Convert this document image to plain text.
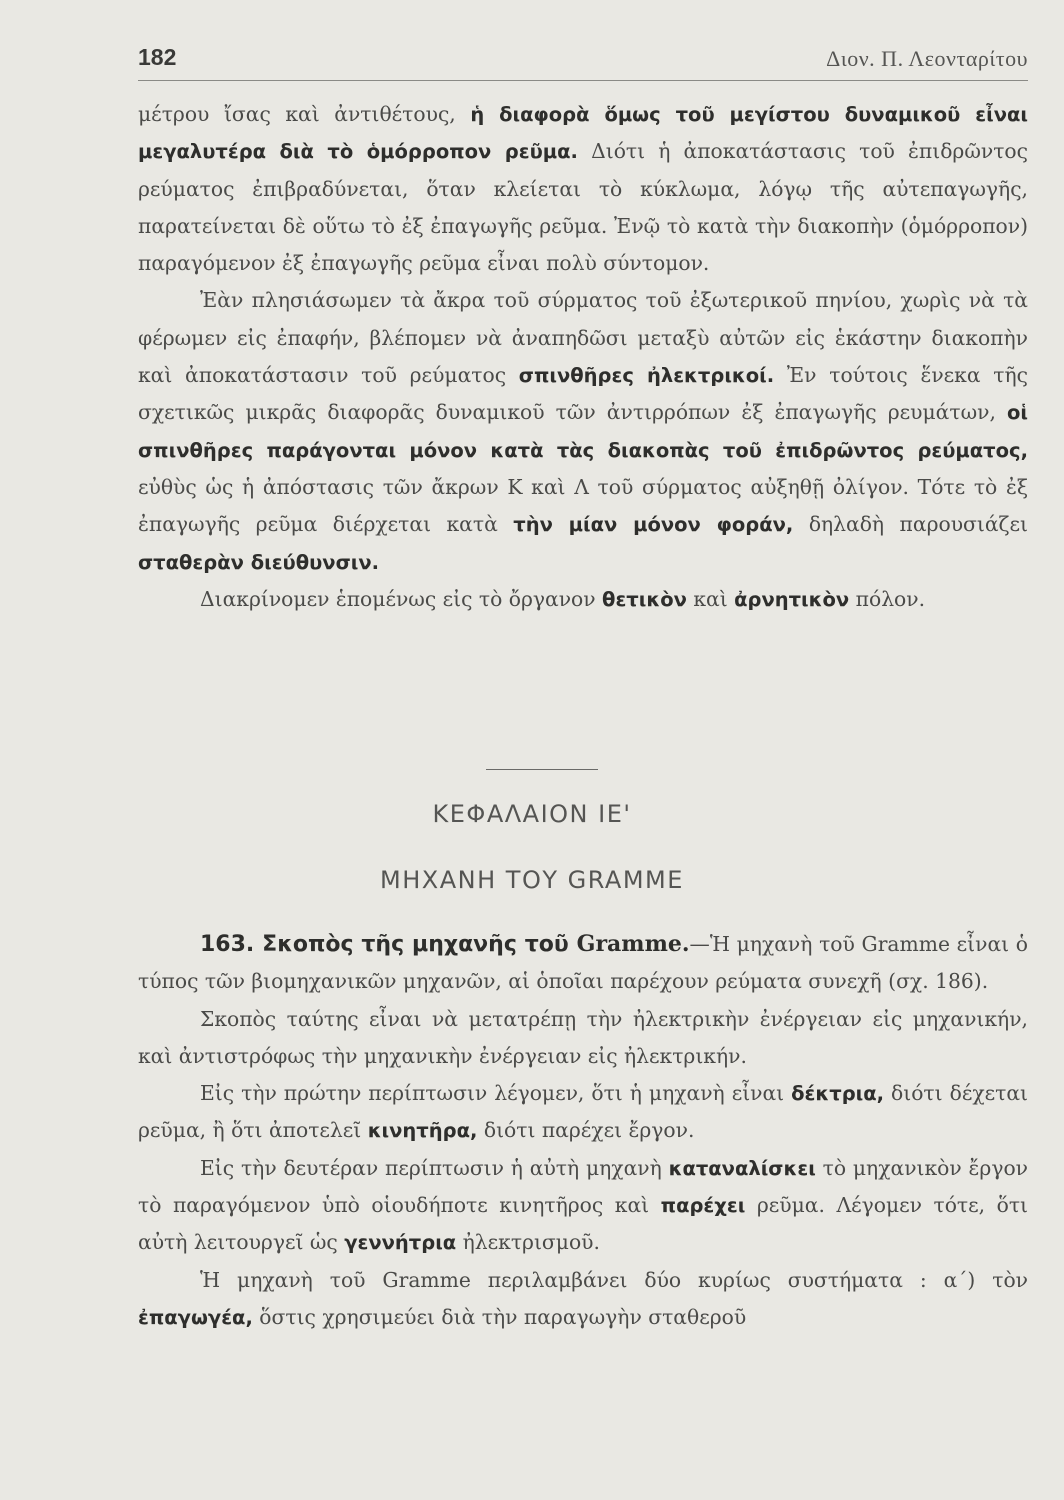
182	Διον. Π. Λεονταρίτου

μέτρου ἴσας καὶ ἀντιθέτους, ἡ διαφορὰ ὅμως τοῦ μεγίστου δυναμικοῦ εἶναι μεγαλυτέρα διὰ τὸ ὁμόρροπον ρεῦμα. Διότι ἡ ἀποκατάστασις τοῦ ἐπιδρῶντος ρεύματος ἐπιβραδύνεται, ὅταν κλείεται τὸ κύκλωμα, λόγῳ τῆς αὐτεπαγωγῆς, παρατείνεται δὲ οὕτω τὸ ἐξ ἐπαγωγῆς ρεῦμα. Ἐνῷ τὸ κατὰ τὴν διακοπὴν (ὁμόρροπον) παραγόμενον ἐξ ἐπαγωγῆς ρεῦμα εἶναι πολὺ σύντομον.

Ἐὰν πλησιάσωμεν τὰ ἄκρα τοῦ σύρματος τοῦ ἐξωτερικοῦ πηνίου, χωρὶς νὰ τὰ φέρωμεν εἰς ἐπαφήν, βλέπομεν νὰ ἀναπηδῶσι μεταξὺ αὐτῶν εἰς ἑκάστην διακοπὴν καὶ ἀποκατάστασιν τοῦ ρεύματος σπινθῆρες ἠλεκτρικοί. Ἐν τούτοις ἕνεκα τῆς σχετικῶς μικρᾶς διαφορᾶς δυναμικοῦ τῶν ἀντιρρόπων ἐξ ἐπαγωγῆς ρευμάτων, οἱ σπινθῆρες παράγονται μόνον κατὰ τὰς διακοπὰς τοῦ ἐπιδρῶντος ρεύματος, εὐθὺς ὡς ἡ ἀπόστασις τῶν ἄκρων Κ καὶ Λ τοῦ σύρματος αὐξηθῇ ὀλίγον. Τότε τὸ ἐξ ἐπαγωγῆς ρεῦμα διέρχεται κατὰ τὴν μίαν μόνον φοράν, δηλαδὴ παρουσιάζει σταθερὰν διεύθυνσιν.

Διακρίνομεν ἑπομένως εἰς τὸ ὄργανον θετικὸν καὶ ἀρνητικὸν πόλον.

ΚΕΦΑΛΑΙΟΝ ΙΕ'
ΜΗΧΑΝΗ ΤΟΥ GRAMME

163. Σκοπὸς τῆς μηχανῆς τοῦ Gramme.—Ἡ μηχανὴ τοῦ Gramme εἶναι ὁ τύπος τῶν βιομηχανικῶν μηχανῶν, αἱ ὁποῖαι παρέχουν ρεύματα συνεχῆ (σχ. 186).

Σκοπὸς ταύτης εἶναι νὰ μετατρέπῃ τὴν ἠλεκτρικὴν ἐνέργειαν εἰς μηχανικήν, καὶ ἀντιστρόφως τὴν μηχανικὴν ἐνέργειαν εἰς ἠλεκτρικήν.

Εἰς τὴν πρώτην περίπτωσιν λέγομεν, ὅτι ἡ μηχανὴ εἶναι δέκτρια, διότι δέχεται ρεῦμα, ἢ ὅτι ἀποτελεῖ κινητῆρα, διότι παρέχει ἔργον.

Εἰς τὴν δευτέραν περίπτωσιν ἡ αὐτὴ μηχανὴ καταναλίσκει τὸ μηχανικὸν ἔργον τὸ παραγόμενον ὑπὸ οἱουδήποτε κινητῆρος καὶ παρέχει ρεῦμα. Λέγομεν τότε, ὅτι αὐτὴ λειτουργεῖ ὡς γεννήτρια ἠλεκτρισμοῦ.

Ἡ μηχανὴ τοῦ Gramme περιλαμβάνει δύο κυρίως συστήματα : α΄) τὸν ἐπαγωγέα, ὅστις χρησιμεύει διὰ τὴν παραγωγὴν σταθεροῦ
